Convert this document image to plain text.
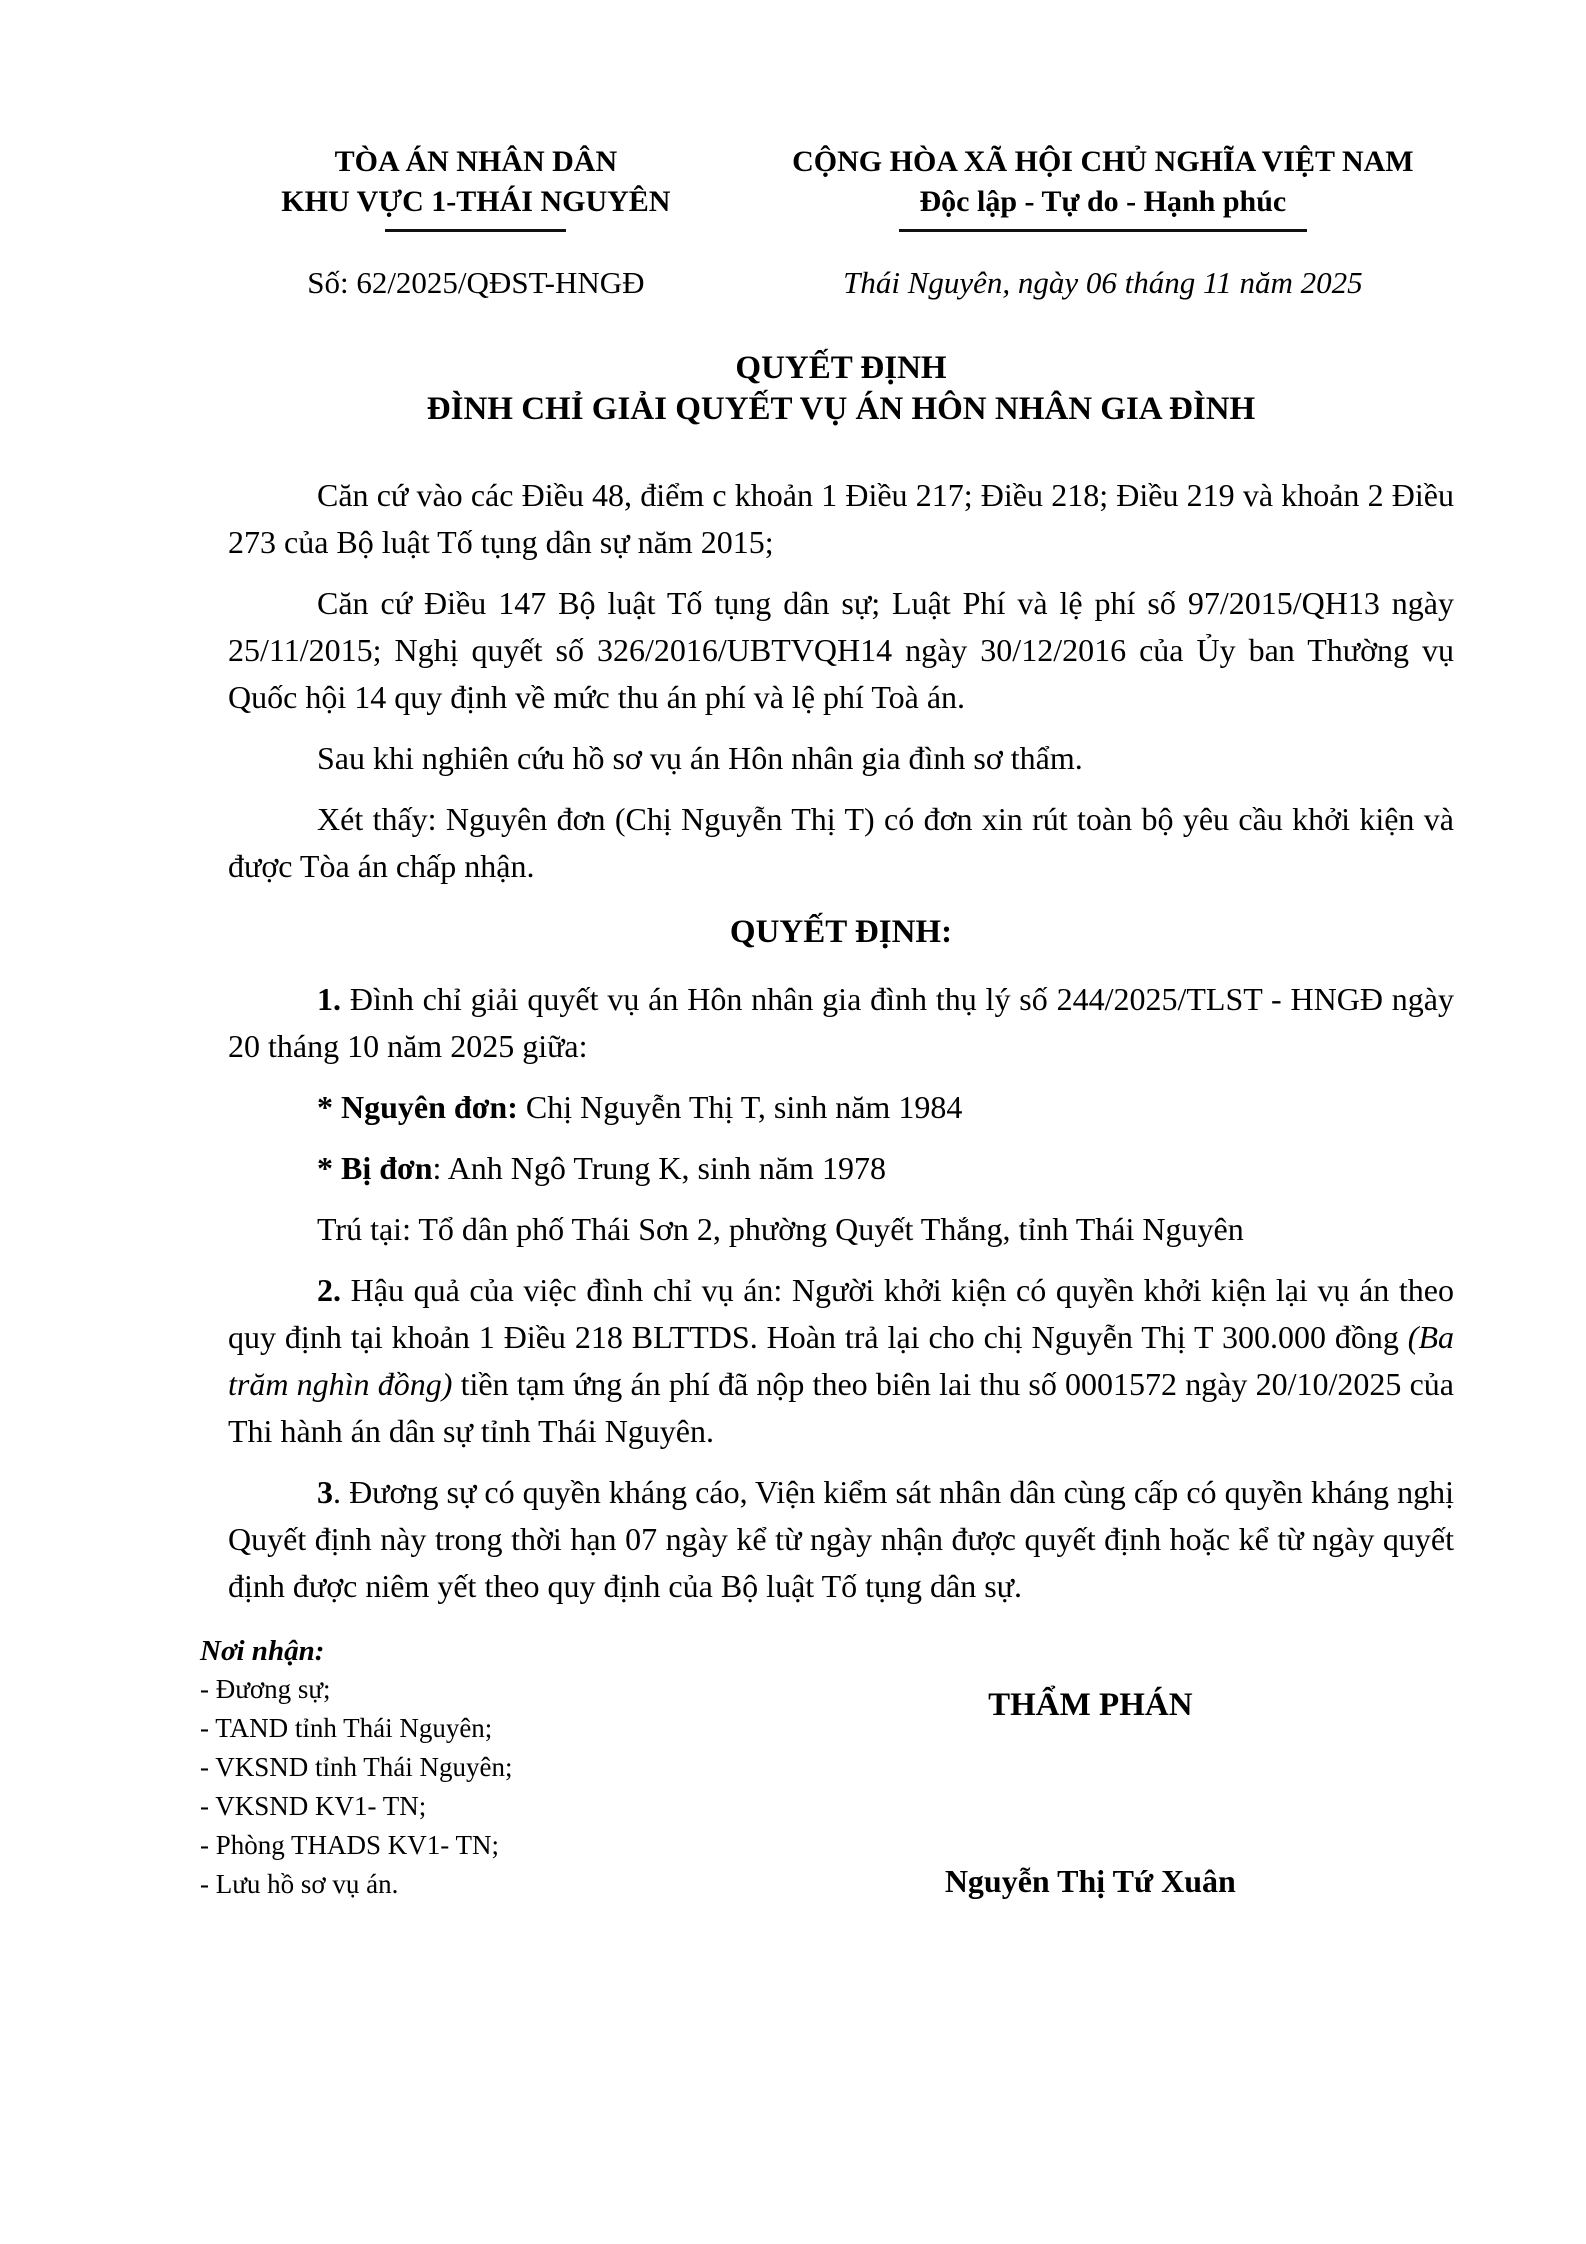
TÒA ÁN NHÂN DÂN
KHU VỰC 1-THÁI NGUYÊN
CỘNG HÒA XÃ HỘI CHỦ NGHĨA VIỆT NAM
Độc lập - Tự do - Hạnh phúc
Số: 62/2025/QĐST-HNGĐ	Thái Nguyên, ngày 06 tháng 11 năm 2025
QUYẾT ĐỊNH
ĐÌNH CHỈ GIẢI QUYẾT VỤ ÁN HÔN NHÂN GIA ĐÌNH

Căn cứ vào các Điều 48, điểm c khoản 1 Điều 217; Điều 218; Điều 219 và khoản 2 Điều 273 của Bộ luật Tố tụng dân sự năm 2015;

Căn cứ Điều 147 Bộ luật Tố tụng dân sự; Luật Phí và lệ phí số 97/2015/QH13 ngày 25/11/2015; Nghị quyết số 326/2016/UBTVQH14 ngày 30/12/2016 của Ủy ban Thường vụ Quốc hội 14 quy định về mức thu án phí và lệ phí Toà án.

Sau khi nghiên cứu hồ sơ vụ án Hôn nhân gia đình sơ thẩm.

Xét thấy: Nguyên đơn (Chị Nguyễn Thị T) có đơn xin rút toàn bộ yêu cầu khởi kiện và được Tòa án chấp nhận.

QUYẾT ĐỊNH:

1. Đình chỉ giải quyết vụ án Hôn nhân gia đình thụ lý số 244/2025/TLST - HNGĐ ngày 20 tháng 10 năm 2025 giữa:

* Nguyên đơn: Chị Nguyễn Thị T, sinh năm 1984

* Bị đơn: Anh Ngô Trung K, sinh năm 1978

Trú tại: Tổ dân phố Thái Sơn 2, phường Quyết Thắng, tỉnh Thái Nguyên

2. Hậu quả của việc đình chỉ vụ án: Người khởi kiện có quyền khởi kiện lại vụ án theo quy định tại khoản 1 Điều 218 BLTTDS. Hoàn trả lại cho chị Nguyễn Thị T 300.000 đồng (Ba trăm nghìn đồng) tiền tạm ứng án phí đã nộp theo biên lai thu số 0001572 ngày 20/10/2025 của Thi hành án dân sự tỉnh Thái Nguyên.

3. Đương sự có quyền kháng cáo, Viện kiểm sát nhân dân cùng cấp có quyền kháng nghị Quyết định này trong thời hạn 07 ngày kể từ ngày nhận được quyết định hoặc kể từ ngày quyết định được niêm yết theo quy định của Bộ luật Tố tụng dân sự.

Nơi nhận:
- Đương sự;
- TAND tỉnh Thái Nguyên;
- VKSND tỉnh Thái Nguyên;
- VKSND KV1- TN;
- Phòng THADS KV1- TN;
- Lưu hồ sơ vụ án.
THẨM PHÁN
Nguyễn Thị Tứ Xuân
